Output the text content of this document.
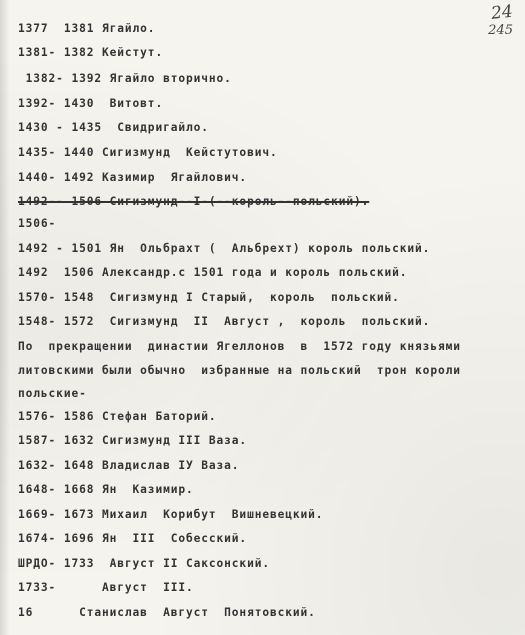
24
245
1377  1381 Ягайло.
1381- 1382 Кейстут.
1382- 1392 Ягайло вторично.
1392- 1430  Витовт.
1430 - 1435  Свидригайло.
1435- 1440 Сигизмунд  Кейстутович.
1440- 1492 Казимир  Ягайлович.
1492-- 1506 Сигизмунд--I-(--король--польский).
1506-
1492 - 1501 Ян  Ольбрахт (  Альбрехт) король польский.
1492  1506 Александр.с 1501 года и король польский.
1570- 1548  Сигизмунд I Старый,  король  польский.
1548- 1572  Сигизмунд  II  Август ,  король  польский.
По  прекращении  династии Ягеллонов  в  1572 году князьями
литовскими были обычно  избранные на польский  трон короли
польские-
1576- 1586 Стефан Баторий.
1587- 1632 Сигизмунд III Ваза.
1632- 1648 Владислав IУ Ваза.
1648- 1668 Ян  Казимир.
1669- 1673 Михаил  Корибут  Вишневецкий.
1674- 1696 Ян  III  Собесский.
ШРДО- 1733  Август II Саксонский.
1733-      Август  III.
16      Станислав  Август  Понятовский.
